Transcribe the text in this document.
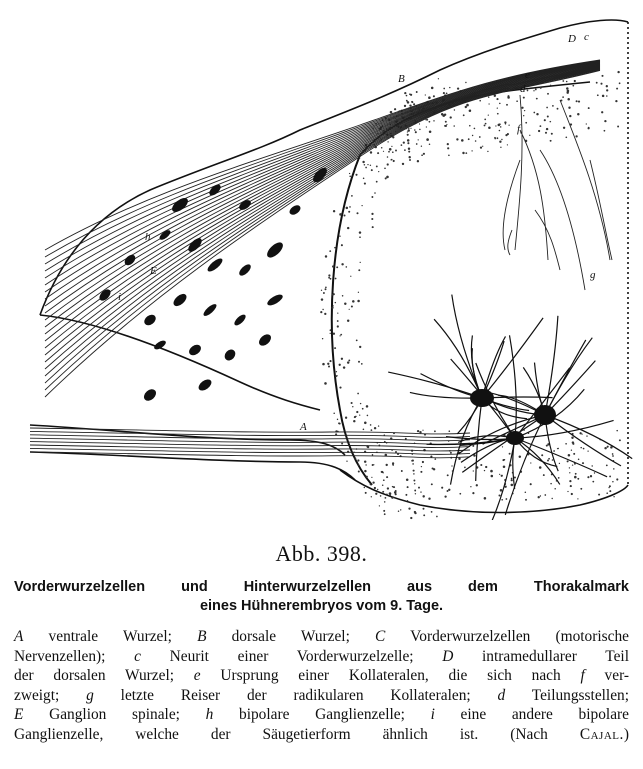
B
D c
e
d
f
g
E
i
h
A
Abb. 398.
Vorderwurzelzellen und Hinterwurzelzellen aus dem Thorakalmark
eines Hühnerembryos vom 9. Tage.
A ventrale Wurzel; B dorsale Wurzel; C Vorderwurzelzellen (motorische
Nervenzellen); c Neurit einer Vorderwurzelzelle; D intramedullarer Teil
der dorsalen Wurzel; e Ursprung einer Kollateralen, die sich nach f ver-
zweigt; g letzte Reiser der radikularen Kollateralen; d Teilungsstellen;
E Ganglion spinale; h bipolare Ganglienzelle; i eine andere bipolare
Ganglienzelle, welche der Säugetierform ähnlich ist. (Nach Cajal.)
